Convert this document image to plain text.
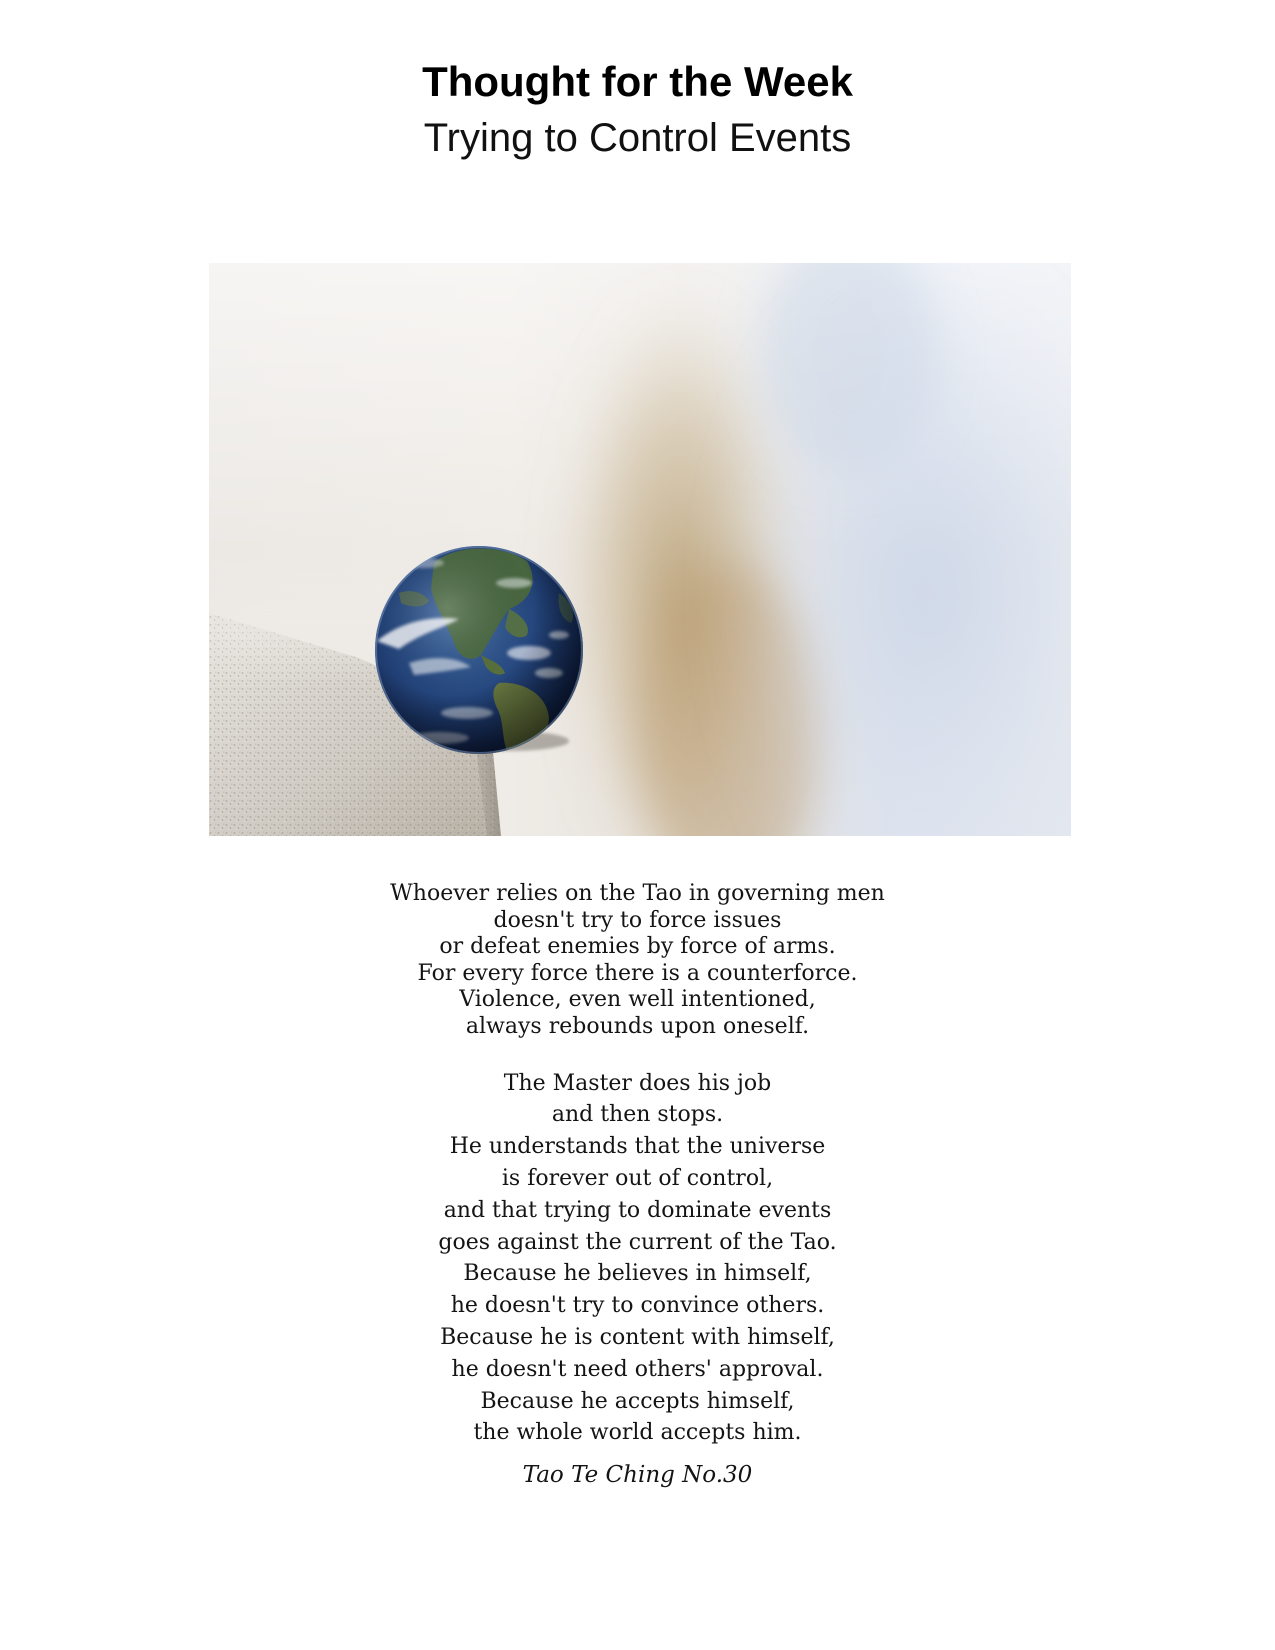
Thought for the Week
Trying to Control Events
Whoever relies on the Tao in governing men
doesn't try to force issues
or defeat enemies by force of arms.
For every force there is a counterforce.
Violence, even well intentioned,
always rebounds upon oneself.
The Master does his job
and then stops.
He understands that the universe
is forever out of control,
and that trying to dominate events
goes against the current of the Tao.
Because he believes in himself,
he doesn't try to convince others.
Because he is content with himself,
he doesn't need others' approval.
Because he accepts himself,
the whole world accepts him.
Tao Te Ching No.30
